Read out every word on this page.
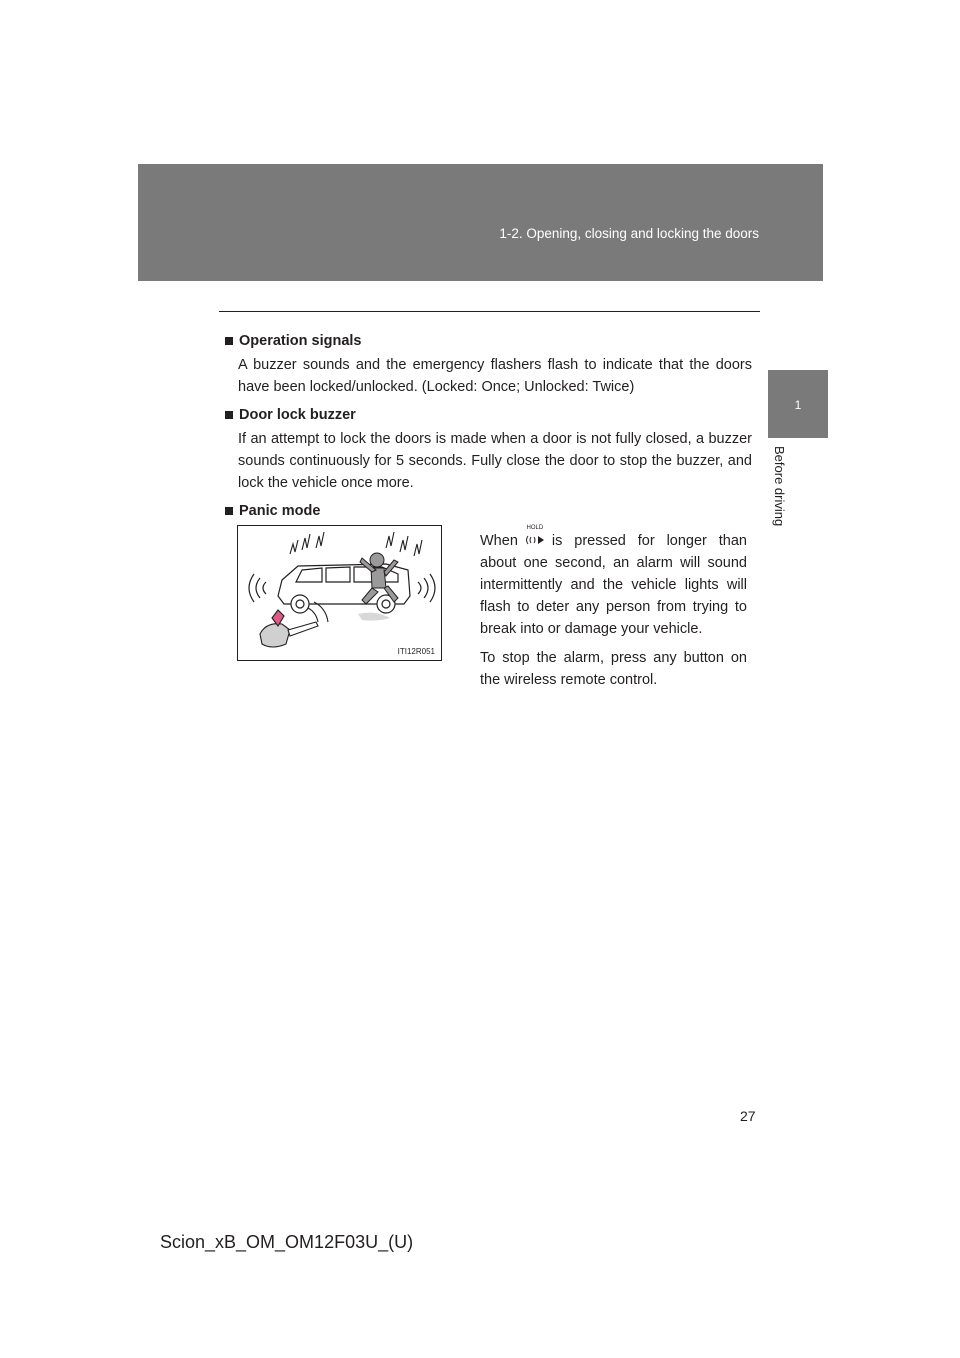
1-2. Opening, closing and locking the doors
1
Before driving

Operation signals

A buzzer sounds and the emergency flashers flash to indicate that the doors have been locked/unlocked. (Locked: Once; Unlocked: Twice)

Door lock buzzer

If an attempt to lock the doors is made when a door is not fully closed, a buzzer sounds continuously for 5 seconds. Fully close the door to stop the buzzer, and lock the vehicle once more.

Panic mode

ITI12R051

When
HOLD
is pressed for longer than about one second, an alarm will sound intermittently and the vehicle lights will flash to deter any person from trying to break into or damage your vehicle.

To stop the alarm, press any button on the wireless remote control.

27
Scion_xB_OM_OM12F03U_(U)
